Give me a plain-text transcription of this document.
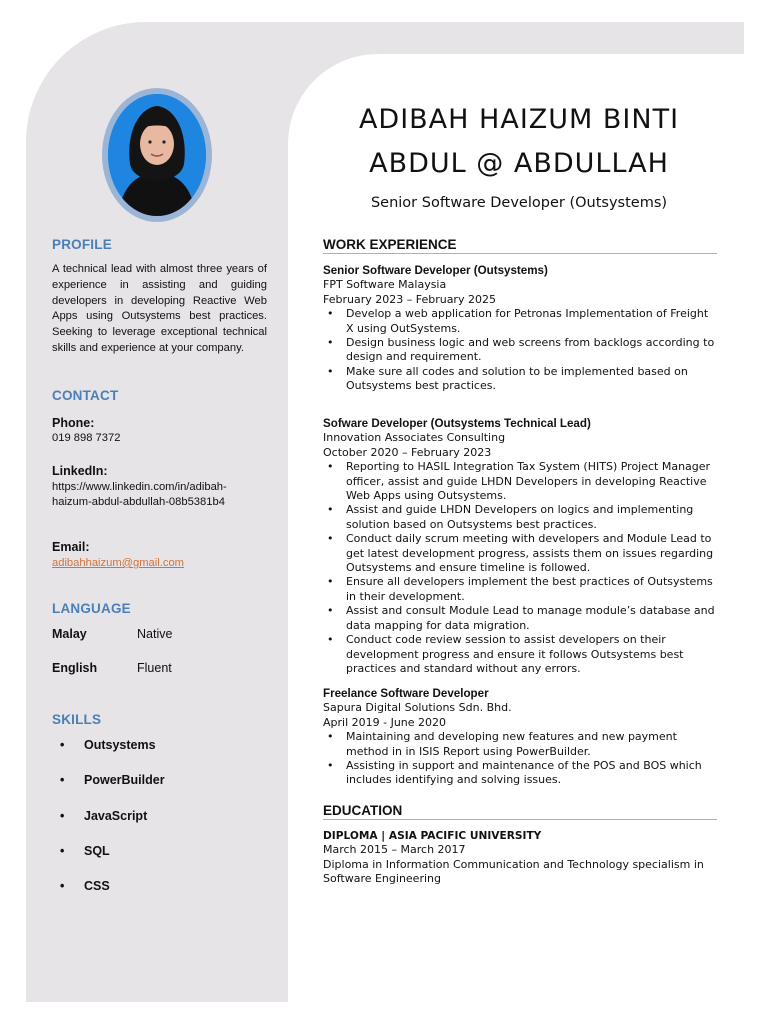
PROFILE
A technical lead with almost three years of experience in assisting and guiding developers in developing Reactive Web Apps using Outsystems best practices. Seeking to leverage exceptional technical skills and experience at your company.
CONTACT
Phone:
019 898 7372
LinkedIn:
https://www.linkedin.com/in/adibah-
haizum-abdul-abdullah-08b5381b4
Email:
adibahhaizum@gmail.com
LANGUAGE
Malay	Native
English	Fluent
SKILLS
• Outsystems
• PowerBuilder
• JavaScript
• SQL
• CSS
ADIBAH HAIZUM BINTI
ABDUL @ ABDULLAH
Senior Software Developer (Outsystems)
WORK EXPERIENCE
Senior Software Developer (Outsystems)
FPT Software Malaysia
February 2023 – February 2025
• Develop a web application for Petronas Implementation of Freight X using OutSystems.
• Design business logic and web screens from backlogs according to design and requirement.
• Make sure all codes and solution to be implemented based on Outsystems best practices.
Sofware Developer (Outsystems Technical Lead)
Innovation Associates Consulting
October 2020 – February 2023
• Reporting to HASIL Integration Tax System (HITS) Project Manager officer, assist and guide LHDN Developers in developing Reactive Web Apps using Outsystems.
• Assist and guide LHDN Developers on logics and implementing solution based on Outsystems best practices.
• Conduct daily scrum meeting with developers and Module Lead to get latest development progress, assists them on issues regarding Outsystems and ensure timeline is followed.
• Ensure all developers implement the best practices of Outsystems in their development.
• Assist and consult Module Lead to manage module’s database and data mapping for data migration.
• Conduct code review session to assist developers on their development progress and ensure it follows Outsystems best practices and standard without any errors.
Freelance Software Developer
Sapura Digital Solutions Sdn. Bhd.
April 2019 - June 2020
• Maintaining and developing new features and new payment method in in ISIS Report using PowerBuilder.
• Assisting in support and maintenance of the POS and BOS which includes identifying and solving issues.
EDUCATION
DIPLOMA | ASIA PACIFIC UNIVERSITY
March 2015 – March 2017
Diploma in Information Communication and Technology specialism in Software Engineering
